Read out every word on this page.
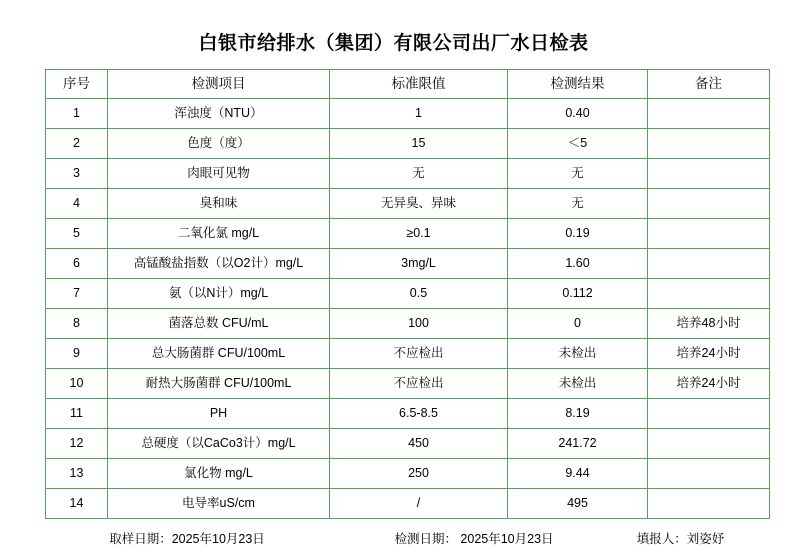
白银市给排水（集团）有限公司出厂水日检表
序号	检测项目	标准限值	检测结果	备注
1	浑浊度（NTU）	1	0.40	
2	色度（度）	15	＜5	
3	肉眼可见物	无	无	
4	臭和味	无异臭、异味	无	
5	二氧化氯 mg/L	≥0.1	0.19	
6	高锰酸盐指数（以O2计）mg/L	3mg/L	1.60	
7	氨（以N计）mg/L	0.5	0.112	
8	菌落总数 CFU/mL	100	0	培养48小时
9	总大肠菌群 CFU/100mL	不应检出	未检出	培养24小时
10	耐热大肠菌群 CFU/100mL	不应检出	未检出	培养24小时
11	PH	6.5-8.5	8.19	
12	总硬度（以CaCo3计）mg/L	450	241.72	
13	氯化物 mg/L	250	9.44	
14	电导率uS/cm	/	495	
取样日期：2025年10月23日	检测日期： 2025年10月23日	填报人：刘姿妤
